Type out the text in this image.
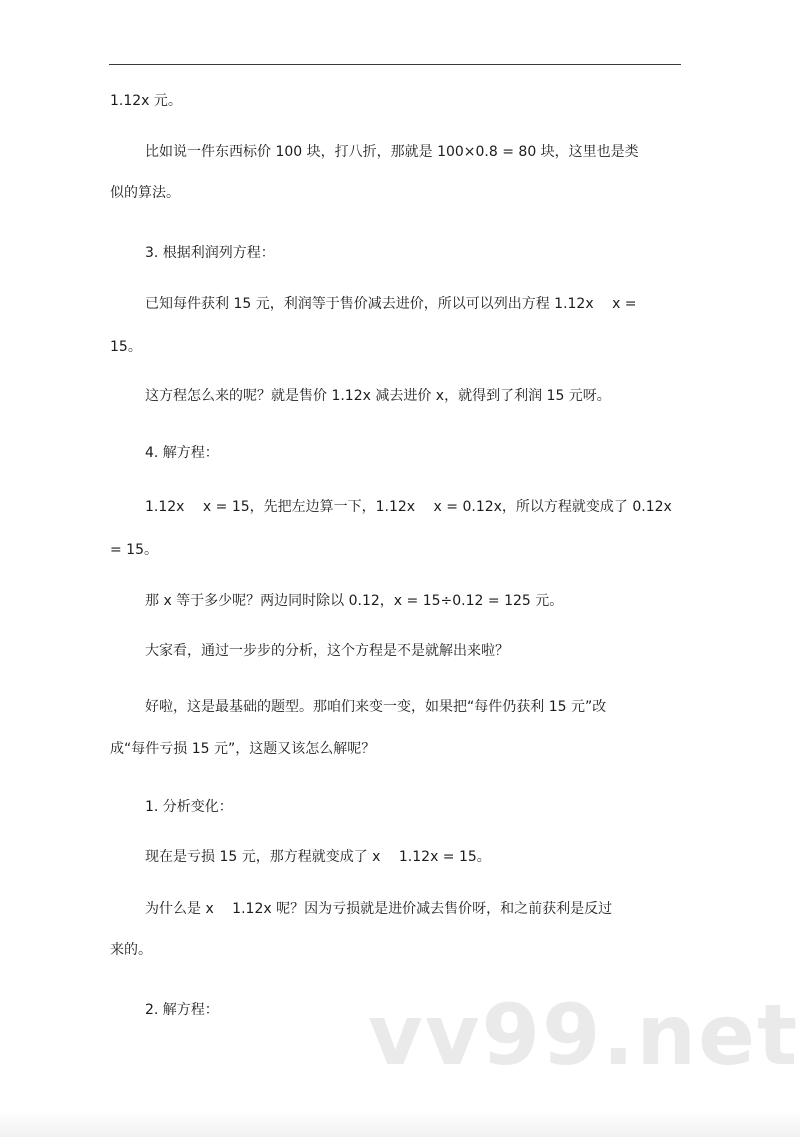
1.12x 元。

比如说一件东西标价 100 块，打八折，那就是 100×0.8 = 80 块，这里也是类

似的算法。

3. 根据利润列方程：

已知每件获利 15 元，利润等于售价减去进价，所以可以列出方程 1.12x　 x =

15。

这方程怎么来的呢？就是售价 1.12x 减去进价 x，就得到了利润 15 元呀。

4. 解方程：

1.12x　 x = 15，先把左边算一下，1.12x　 x = 0.12x，所以方程就变成了 0.12x

= 15。

那 x 等于多少呢？两边同时除以 0.12，x = 15÷0.12 = 125 元。

大家看，通过一步步的分析，这个方程是不是就解出来啦？

好啦，这是最基础的题型。那咱们来变一变，如果把“每件仍获利 15 元”改

成“每件亏损 15 元”，这题又该怎么解呢？

1. 分析变化：

现在是亏损 15 元，那方程就变成了 x　 1.12x = 15。

为什么是 x　 1.12x 呢？因为亏损就是进价减去售价呀，和之前获利是反过

来的。

2. 解方程： vv99.net
